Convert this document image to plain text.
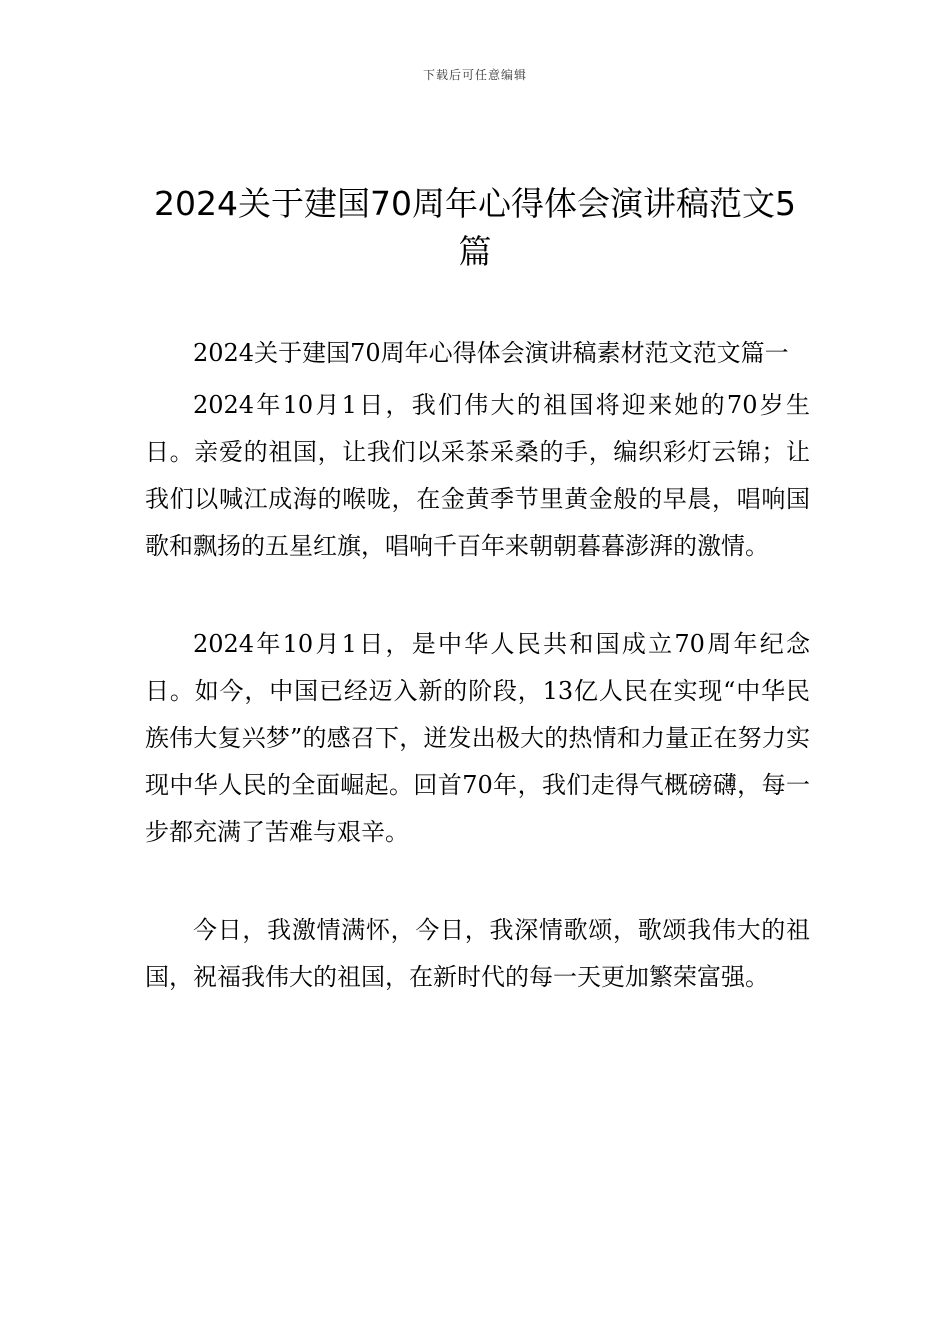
下载后可任意编辑
2024关于建国70周年心得体会演讲稿范文5篇

2024关于建国70周年心得体会演讲稿素材范文范文篇一

2024年10月1日，我们伟大的祖国将迎来她的70岁生日。亲爱的祖国，让我们以采茶采桑的手，编织彩灯云锦；让我们以喊江成海的喉咙，在金黄季节里黄金般的早晨，唱响国歌和飘扬的五星红旗，唱响千百年来朝朝暮暮澎湃的激情。

2024年10月1日，是中华人民共和国成立70周年纪念日。如今，中国已经迈入新的阶段，13亿人民在实现“中华民族伟大复兴梦”的感召下，迸发出极大的热情和力量正在努力实现中华人民的全面崛起。回首70年，我们走得气概磅礴，每一步都充满了苦难与艰辛。

今日，我激情满怀，今日，我深情歌颂，歌颂我伟大的祖国，祝福我伟大的祖国，在新时代的每一天更加繁荣富强。
